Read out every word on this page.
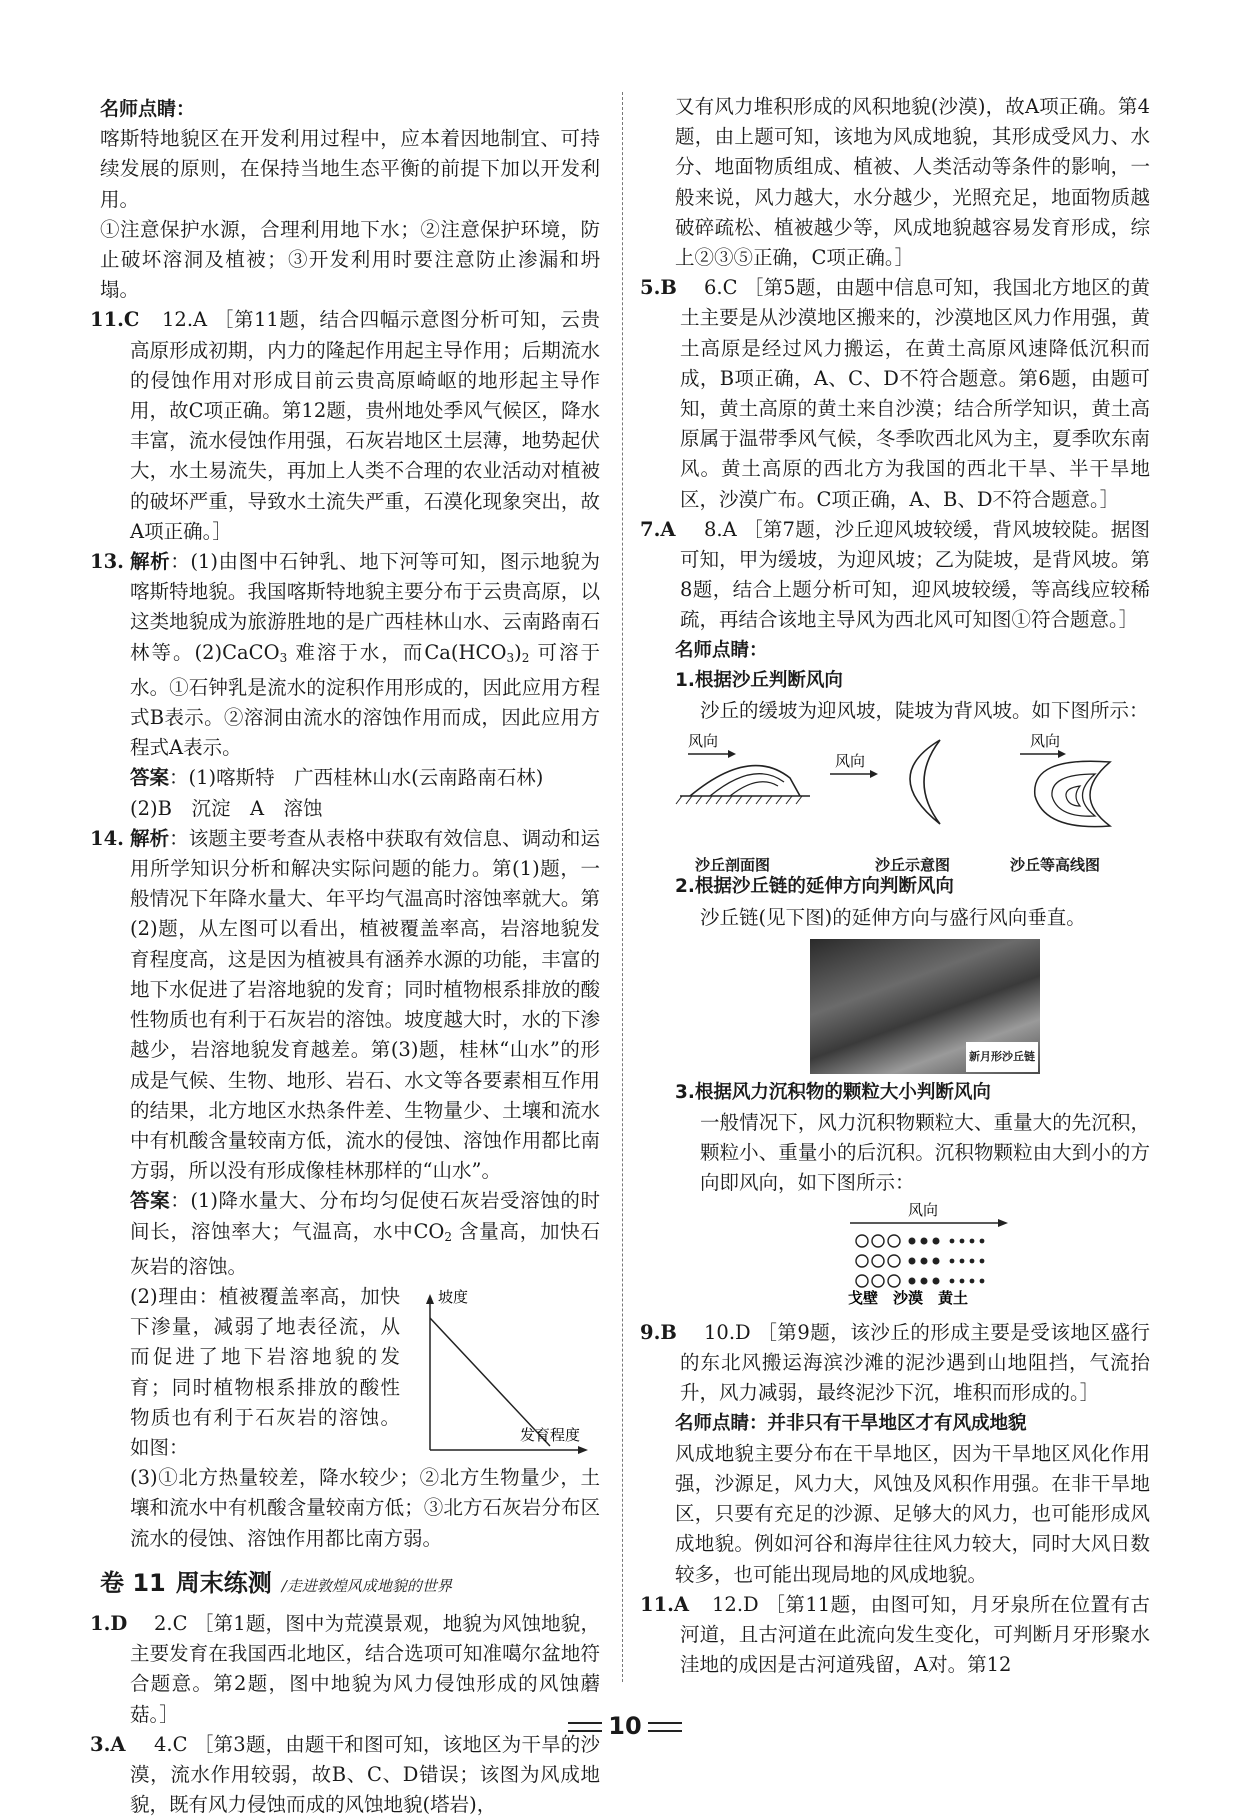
名师点睛：

喀斯特地貌区在开发利用过程中，应本着因地制宜、可持续发展的原则，在保持当地生态平衡的前提下加以开发利用。

①注意保护水源，合理利用地下水；②注意保护环境，防止破坏溶洞及植被；③开发利用时要注意防止渗漏和坍塌。

11.C 12.A ［第11题，结合四幅示意图分析可知，云贵高原形成初期，内力的隆起作用起主导作用；后期流水的侵蚀作用对形成目前云贵高原崎岖的地形起主导作用，故C项正确。第12题，贵州地处季风气候区，降水丰富，流水侵蚀作用强，石灰岩地区土层薄，地势起伏大，水土易流失，再加上人类不合理的农业活动对植被的破坏严重，导致水土流失严重，石漠化现象突出，故A项正确。］
13. 解析：(1)由图中石钟乳、地下河等可知，图示地貌为喀斯特地貌。我国喀斯特地貌主要分布于云贵高原，以这类地貌成为旅游胜地的是广西桂林山水、云南路南石林等。(2)CaCO$_3$ 难溶于水，而$Ca(HCO_3)_2$ 可溶于水。①石钟乳是流水的淀积作用形成的，因此应用方程式B表示。②溶洞由流水的溶蚀作用而成，因此应用方程式A表示。
答案：(1)喀斯特　广西桂林山水(云南路南石林)
(2)B　沉淀　A　溶蚀
14. 解析：该题主要考查从表格中获取有效信息、调动和运用所学知识分析和解决实际问题的能力。第(1)题，一般情况下年降水量大、年平均气温高时溶蚀率就大。第(2)题，从左图可以看出，植被覆盖率高，岩溶地貌发育程度高，这是因为植被具有涵养水源的功能，丰富的地下水促进了岩溶地貌的发育；同时植物根系排放的酸性物质也有利于石灰岩的溶蚀。坡度越大时，水的下渗越少，岩溶地貌发育越差。第(3)题，桂林“山水”的形成是气候、生物、地形、岩石、水文等各要素相互作用的结果，北方地区水热条件差、生物量少、土壤和流水中有机酸含量较南方低，流水的侵蚀、溶蚀作用都比南方弱，所以没有形成像桂林那样的“山水”。
答案：(1)降水量大、分布均匀促使石灰岩受溶蚀的时间长，溶蚀率大；气温高，水中$CO_2$ 含量高，加快石灰岩的溶蚀。
(2)理由：植被覆盖率高，加快下渗量，减弱了地表径流，从而促进了地下岩溶地貌的发育；同时植物根系排放的酸性物质也有利于石灰岩的溶蚀。如图：
坡度
发育程度
(3)①北方热量较差，降水较少；②北方生物量少，土壤和流水中有机酸含量较南方低；③北方石灰岩分布区流水的侵蚀、溶蚀作用都比南方弱。
卷 11 周末练测 /走进敦煌风成地貌的世界
1.D 2.C ［第1题，图中为荒漠景观，地貌为风蚀地貌，主要发育在我国西北地区，结合选项可知准噶尔盆地符合题意。第2题，图中地貌为风力侵蚀形成的风蚀蘑菇。］
3.A 4.C ［第3题，由题干和图可知，该地区为干旱的沙漠，流水作用较弱，故B、C、D错误；该图为风成地貌，既有风力侵蚀而成的风蚀地貌(塔岩)，

又有风力堆积形成的风积地貌(沙漠)，故A项正确。第4题，由上题可知，该地为风成地貌，其形成受风力、水分、地面物质组成、植被、人类活动等条件的影响，一般来说，风力越大，水分越少，光照充足，地面物质越破碎疏松、植被越少等，风成地貌越容易发育形成，综上②③⑤正确，C项正确。］

5.B 6.C ［第5题，由题中信息可知，我国北方地区的黄土主要是从沙漠地区搬来的，沙漠地区风力作用强，黄土高原是经过风力搬运，在黄土高原风速降低沉积而成，B项正确，A、C、D不符合题意。第6题，由题可知，黄土高原的黄土来自沙漠；结合所学知识，黄土高原属于温带季风气候，冬季吹西北风为主，夏季吹东南风。黄土高原的西北方为我国的西北干旱、半干旱地区，沙漠广布。C项正确，A、B、D不符合题意。］
7.A 8.A ［第7题，沙丘迎风坡较缓，背风坡较陡。据图可知，甲为缓坡，为迎风坡；乙为陡坡，是背风坡。第8题，结合上题分析可知，迎风坡较缓，等高线应较稀疏，再结合该地主导风为西北风可知图①符合题意。］
名师点睛：
1.根据沙丘判断风向

沙丘的缓坡为迎风坡，陡坡为背风坡。如下图所示：

风向
风向
风向
沙丘剖面图	沙丘示意图	沙丘等高线图
2.根据沙丘链的延伸方向判断风向

沙丘链(见下图)的延伸方向与盛行风向垂直。

新月形沙丘链
3.根据风力沉积物的颗粒大小判断风向

一般情况下，风力沉积物颗粒大、重量大的先沉积，颗粒小、重量小的后沉积。沉积物颗粒由大到小的方向即风向，如下图所示：

风向
戈壁　沙漠　黄土
9.B 10.D ［第9题，该沙丘的形成主要是受该地区盛行的东北风搬运海滨沙滩的泥沙遇到山地阻挡，气流抬升，风力减弱，最终泥沙下沉，堆积而形成的。］
名师点睛：并非只有干旱地区才有风成地貌

风成地貌主要分布在干旱地区，因为干旱地区风化作用强，沙源足，风力大，风蚀及风积作用强。在非干旱地区，只要有充足的沙源、足够大的风力，也可能形成风成地貌。例如河谷和海岸往往风力较大，同时大风日数较多，也可能出现局地的风成地貌。

11.A 12.D ［第11题，由图可知，月牙泉所在位置有古河道，且古河道在此流向发生变化，可判断月牙形聚水洼地的成因是古河道残留，A对。第12
10
